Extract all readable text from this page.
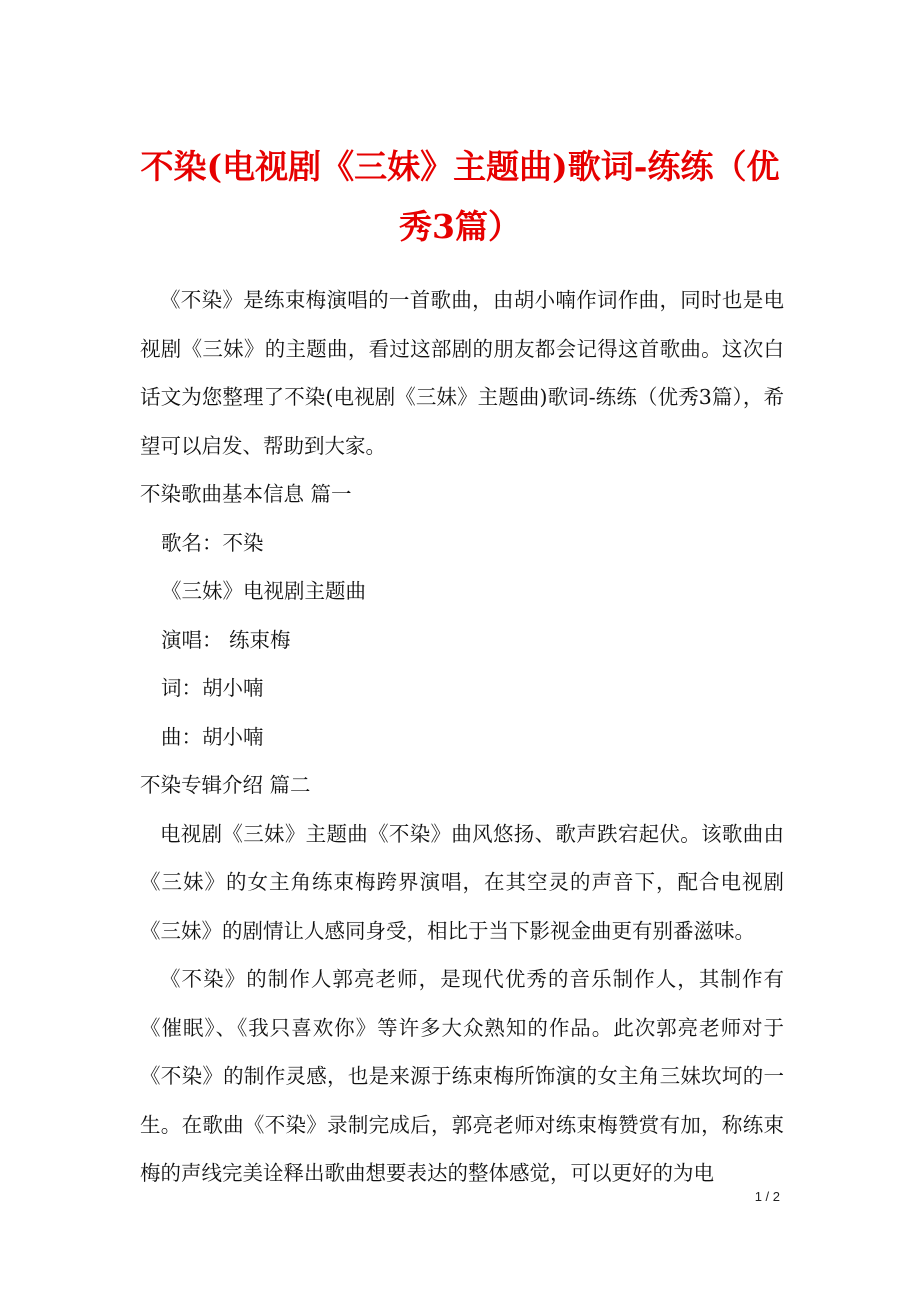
不染(电视剧《三妹》主题曲)歌词-练练（优秀3篇）

《不染》是练束梅演唱的一首歌曲，由胡小喃作词作曲，同时也是电视剧《三妹》的主题曲，看过这部剧的朋友都会记得这首歌曲。这次白话文为您整理了不染(电视剧《三妹》主题曲)歌词-练练（优秀3篇），希望可以启发、帮助到大家。

不染歌曲基本信息 篇一

歌名：不染

《三妹》电视剧主题曲

演唱： 练束梅

词：胡小喃

曲：胡小喃

不染专辑介绍 篇二

电视剧《三妹》主题曲《不染》曲风悠扬、歌声跌宕起伏。该歌曲由《三妹》的女主角练束梅跨界演唱，在其空灵的声音下，配合电视剧《三妹》的剧情让人感同身受，相比于当下影视金曲更有别番滋味。

《不染》的制作人郭亮老师，是现代优秀的音乐制作人，其制作有《催眠》、《我只喜欢你》等许多大众熟知的作品。此次郭亮老师对于《不染》的制作灵感，也是来源于练束梅所饰演的女主角三妹坎坷的一生。在歌曲《不染》录制完成后，郭亮老师对练束梅赞赏有加，称练束梅的声线完美诠释出歌曲想要表达的整体感觉，可以更好的为电

1 / 2
